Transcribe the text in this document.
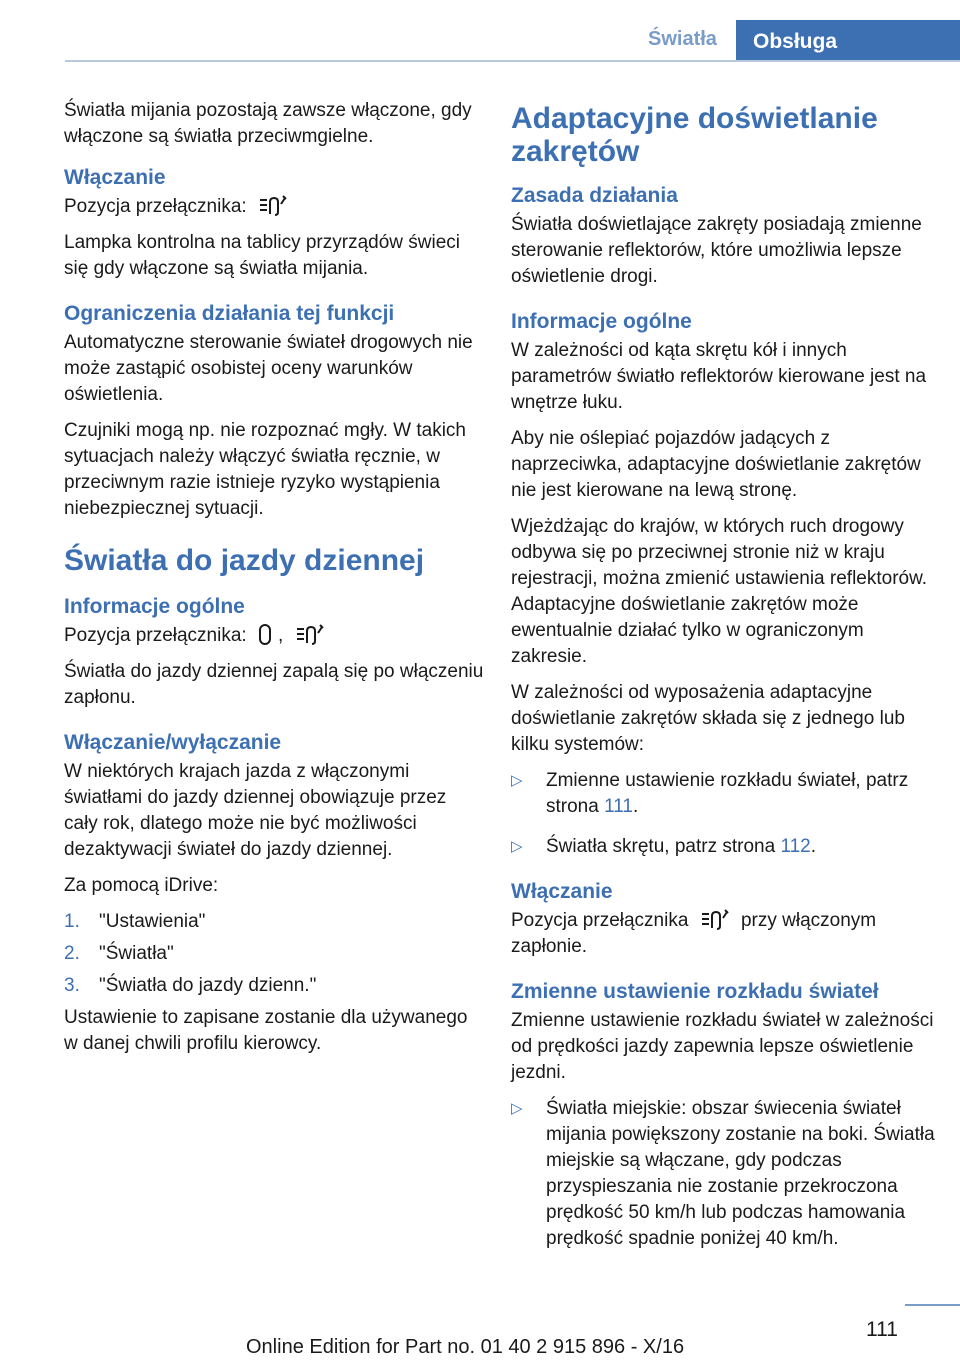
Światła	Obsługa

Światła mijania pozostają zawsze włączone, gdy włączone są światła przeciwmgielne.

Włączanie

Pozycja przełącznika:

Lampka kontrolna na tablicy przyrządów świeci się gdy włączone są światła mijania.

Ograniczenia działania tej funkcji

Automatyczne sterowanie świateł drogowych nie może zastąpić osobistej oceny warunków oświetlenia.

Czujniki mogą np. nie rozpoznać mgły. W takich sytuacjach należy włączyć światła ręcznie, w przeciwnym razie istnieje ryzyko wystąpienia niebezpiecznej sytuacji.

Światła do jazdy dziennej
Informacje ogólne

Pozycja przełącznika: ,

Światła do jazdy dziennej zapalą się po włączeniu zapłonu.

Włączanie/wyłączanie

W niektórych krajach jazda z włączonymi światłami do jazdy dziennej obowiązuje przez cały rok, dlatego może nie być możliwości dezaktywacji świateł do jazdy dziennej.

Za pomocą iDrive:

1. "Ustawienia"
2. "Światła"
3. "Światła do jazdy dzienn."

Ustawienie to zapisane zostanie dla używanego w danej chwili profilu kierowcy.

Adaptacyjne doświetlanie zakrętów
Zasada działania

Światła doświetlające zakręty posiadają zmienne sterowanie reflektorów, które umożliwia lepsze oświetlenie drogi.

Informacje ogólne

W zależności od kąta skrętu kół i innych parametrów światło reflektorów kierowane jest na wnętrze łuku.

Aby nie oślepiać pojazdów jadących z naprzeciwka, adaptacyjne doświetlanie zakrętów nie jest kierowane na lewą stronę.

Wjeżdżając do krajów, w których ruch drogowy odbywa się po przeciwnej stronie niż w kraju rejestracji, można zmienić ustawienia reflektorów. Adaptacyjne doświetlanie zakrętów może ewentualnie działać tylko w ograniczonym zakresie.

W zależności od wyposażenia adaptacyjne doświetlanie zakrętów składa się z jednego lub kilku systemów:

▷ Zmienne ustawienie rozkładu świateł, patrz strona 111.
▷ Światła skrętu, patrz strona 112.
Włączanie

Pozycja przełącznika	przy włączonym zapłonie.

Zmienne ustawienie rozkładu świateł

Zmienne ustawienie rozkładu świateł w zależności od prędkości jazdy zapewnia lepsze oświetlenie jezdni.

▷ Światła miejskie: obszar świecenia świateł mijania powiększony zostanie na boki. Światła miejskie są włączane, gdy podczas przyspieszania nie zostanie przekroczona prędkość 50 km/h lub podczas hamowania prędkość spadnie poniżej 40 km/h.
111
Online Edition for Part no. 01 40 2 915 896 - X/16
